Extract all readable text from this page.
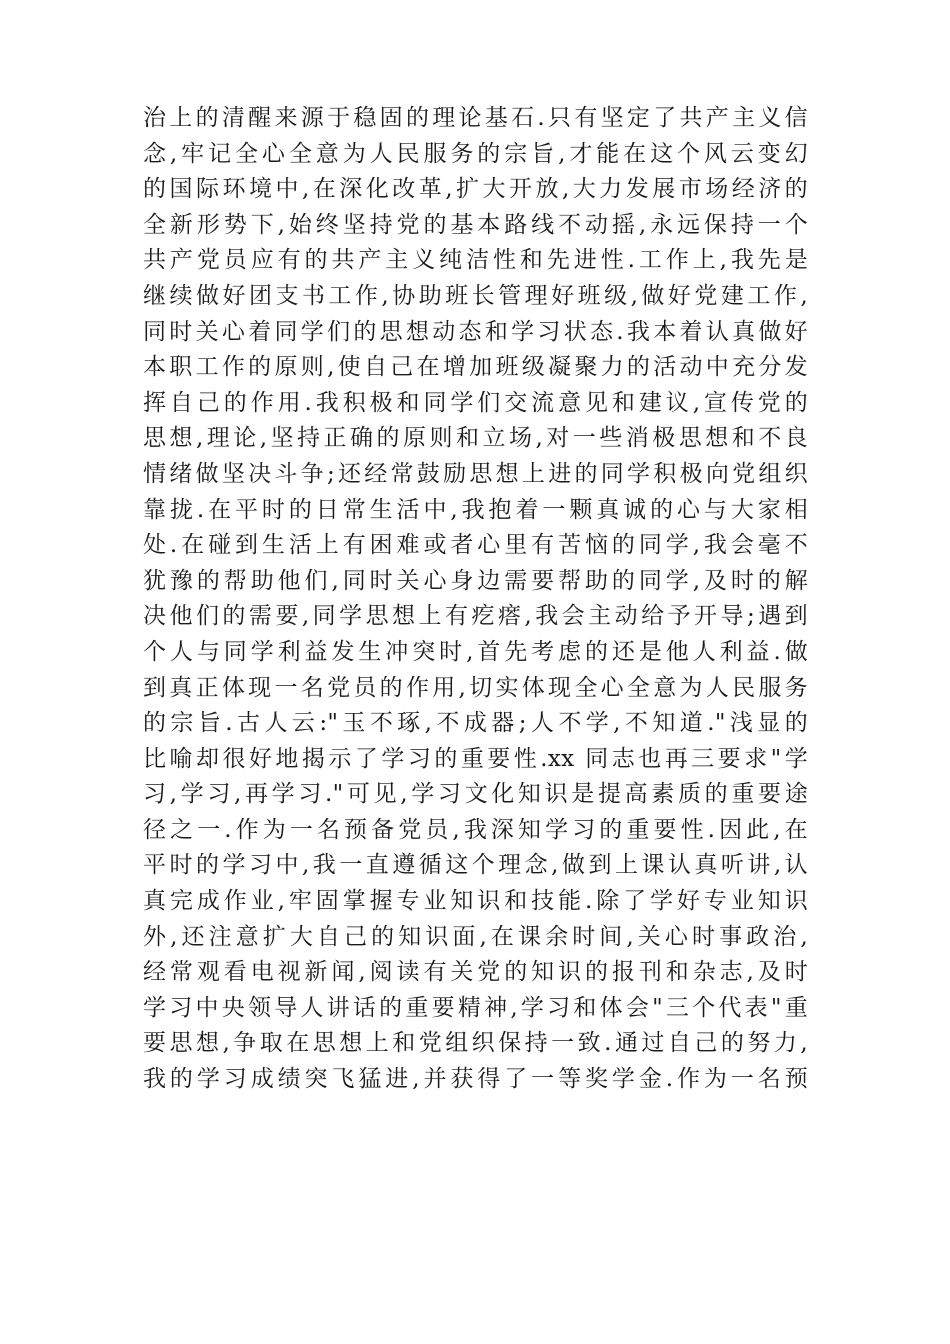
治上的清醒来源于稳固的理论基石.只有坚定了共产主义信
念,牢记全心全意为人民服务的宗旨,才能在这个风云变幻
的国际环境中,在深化改革,扩大开放,大力发展市场经济的
全新形势下,始终坚持党的基本路线不动摇,永远保持一个
共产党员应有的共产主义纯洁性和先进性.工作上,我先是
继续做好团支书工作,协助班长管理好班级,做好党建工作,
同时关心着同学们的思想动态和学习状态.我本着认真做好
本职工作的原则,使自己在增加班级凝聚力的活动中充分发
挥自己的作用.我积极和同学们交流意见和建议,宣传党的
思想,理论,坚持正确的原则和立场,对一些消极思想和不良
情绪做坚决斗争;还经常鼓励思想上进的同学积极向党组织
靠拢.在平时的日常生活中,我抱着一颗真诚的心与大家相
处.在碰到生活上有困难或者心里有苦恼的同学,我会毫不
犹豫的帮助他们,同时关心身边需要帮助的同学,及时的解
决他们的需要,同学思想上有疙瘩,我会主动给予开导;遇到
个人与同学利益发生冲突时,首先考虑的还是他人利益.做
到真正体现一名党员的作用,切实体现全心全意为人民服务
的宗旨.古人云:"玉不琢,不成器;人不学,不知道."浅显的
比喻却很好地揭示了学习的重要性.xx 同志也再三要求"学
习,学习,再学习."可见,学习文化知识是提高素质的重要途
径之一.作为一名预备党员,我深知学习的重要性.因此,在
平时的学习中,我一直遵循这个理念,做到上课认真听讲,认
真完成作业,牢固掌握专业知识和技能.除了学好专业知识
外,还注意扩大自己的知识面,在课余时间,关心时事政治,
经常观看电视新闻,阅读有关党的知识的报刊和杂志,及时
学习中央领导人讲话的重要精神,学习和体会"三个代表"重
要思想,争取在思想上和党组织保持一致.通过自己的努力,
我的学习成绩突飞猛进,并获得了一等奖学金.作为一名预
